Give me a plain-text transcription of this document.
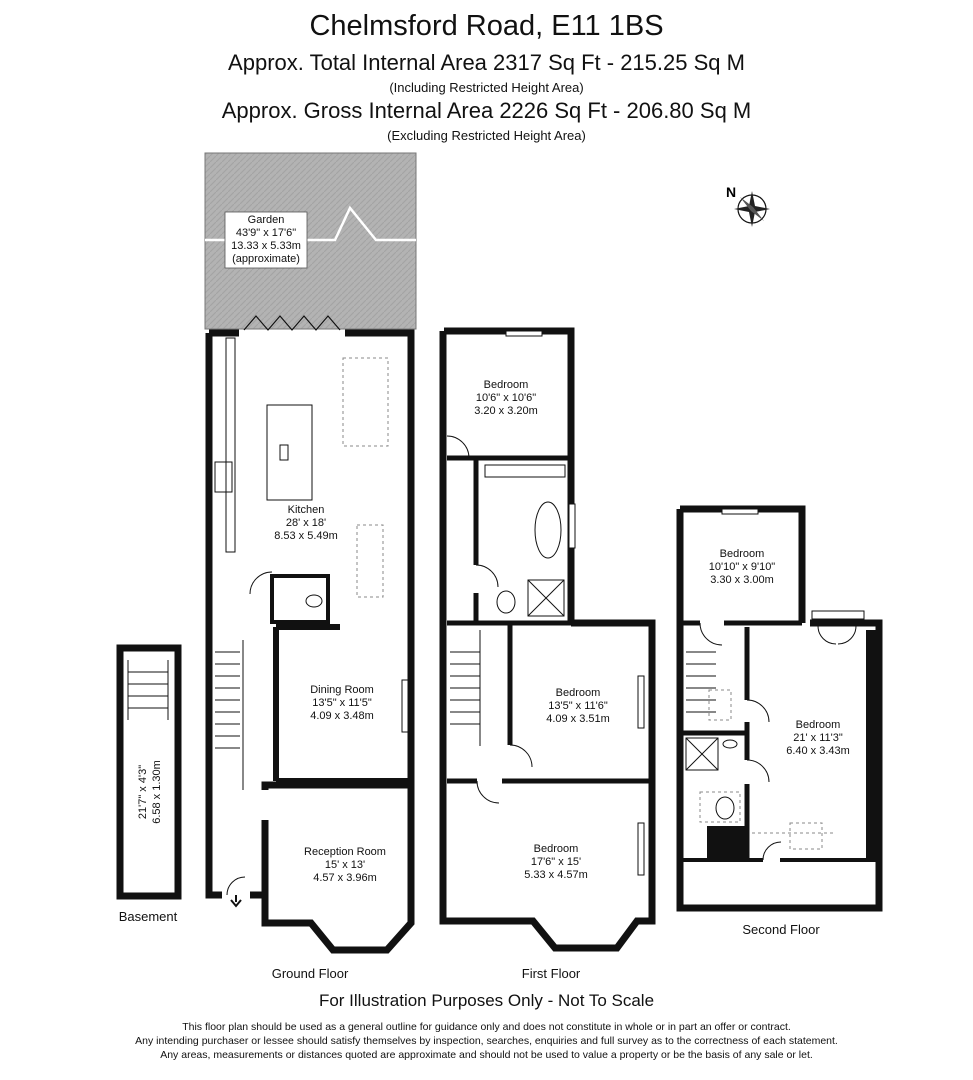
Chelmsford Road, E11 1BS
Approx. Total Internal Area 2317 Sq Ft - 215.25 Sq M
(Including Restricted Height Area)
Approx. Gross Internal Area 2226 Sq Ft - 206.80 Sq M
(Excluding Restricted Height Area)
N
Garden
43'9" x 17'6"
13.33 x 5.33m
(approximate)
21'7" x 4'3" 6.58 x 1.30m
Basement
Kitchen
28' x 18'
8.53 x 5.49m
Dining Room
13'5" x 11'5"
4.09 x 3.48m
Reception Room
15' x 13'
4.57 x 3.96m
Ground Floor
Bedroom
10'6" x 10'6"
3.20 x 3.20m
Bedroom
13'5" x 11'6"
4.09 x 3.51m
Bedroom
17'6" x 15'
5.33 x 4.57m
First Floor
Bedroom
10'10" x 9'10"
3.30 x 3.00m
Bedroom
21' x 11'3"
6.40 x 3.43m
Second Floor
For Illustration Purposes Only - Not To Scale
This floor plan should be used as a general outline for guidance only and does not constitute in whole or in part an offer or contract.
Any intending purchaser or lessee should satisfy themselves by inspection, searches, enquiries and full survey as to the correctness of each statement.
Any areas, measurements or distances quoted are approximate and should not be used to value a property or be the basis of any sale or let.
